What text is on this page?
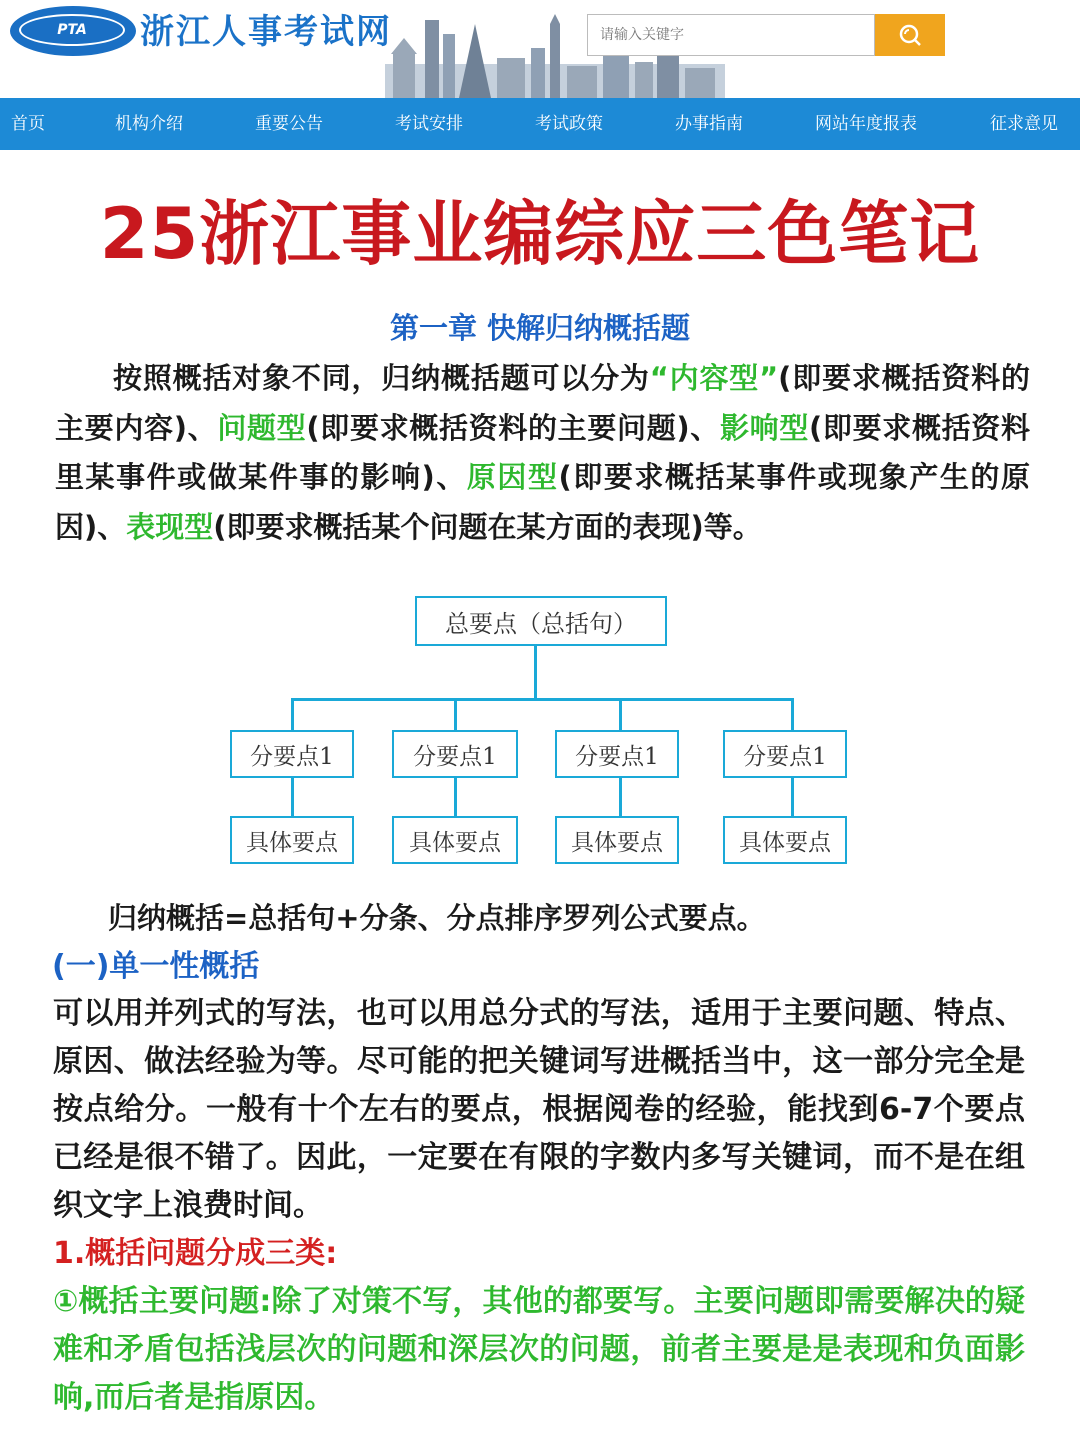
PTA	浙江人事考试网
请输入关键字
首页	机构介绍	重要公告	考试安排	考试政策	办事指南	网站年度报表	征求意见
25浙江事业编综应三色笔记
第一章 快解归纳概括题
按照概括对象不同，归纳概括题可以分为“内容型”(即要求概括资料的主要内容)、问题型(即要求概括资料的主要问题)、影响型(即要求概括资料里某事件或做某件事的影响)、原因型(即要求概括某事件或现象产生的原因)、表现型(即要求概括某个问题在某方面的表现)等。
总要点（总括句）
分要点1	分要点1	分要点1	分要点1
具体要点	具体要点	具体要点	具体要点
归纳概括=总括句+分条、分点排序罗列公式要点。
(一)单一性概括
可以用并列式的写法，也可以用总分式的写法，适用于主要问题、特点、原因、做法经验为等。尽可能的把关键词写进概括当中，这一部分完全是按点给分。一般有十个左右的要点，根据阅卷的经验，能找到6-7个要点已经是很不错了。因此，一定要在有限的字数内多写关键词，而不是在组织文字上浪费时间。
1.概括问题分成三类:
①概括主要问题:除了对策不写，其他的都要写。主要问题即需要解决的疑难和矛盾包括浅层次的问题和深层次的问题，前者主要是是表现和负面影响,而后者是指原因。
